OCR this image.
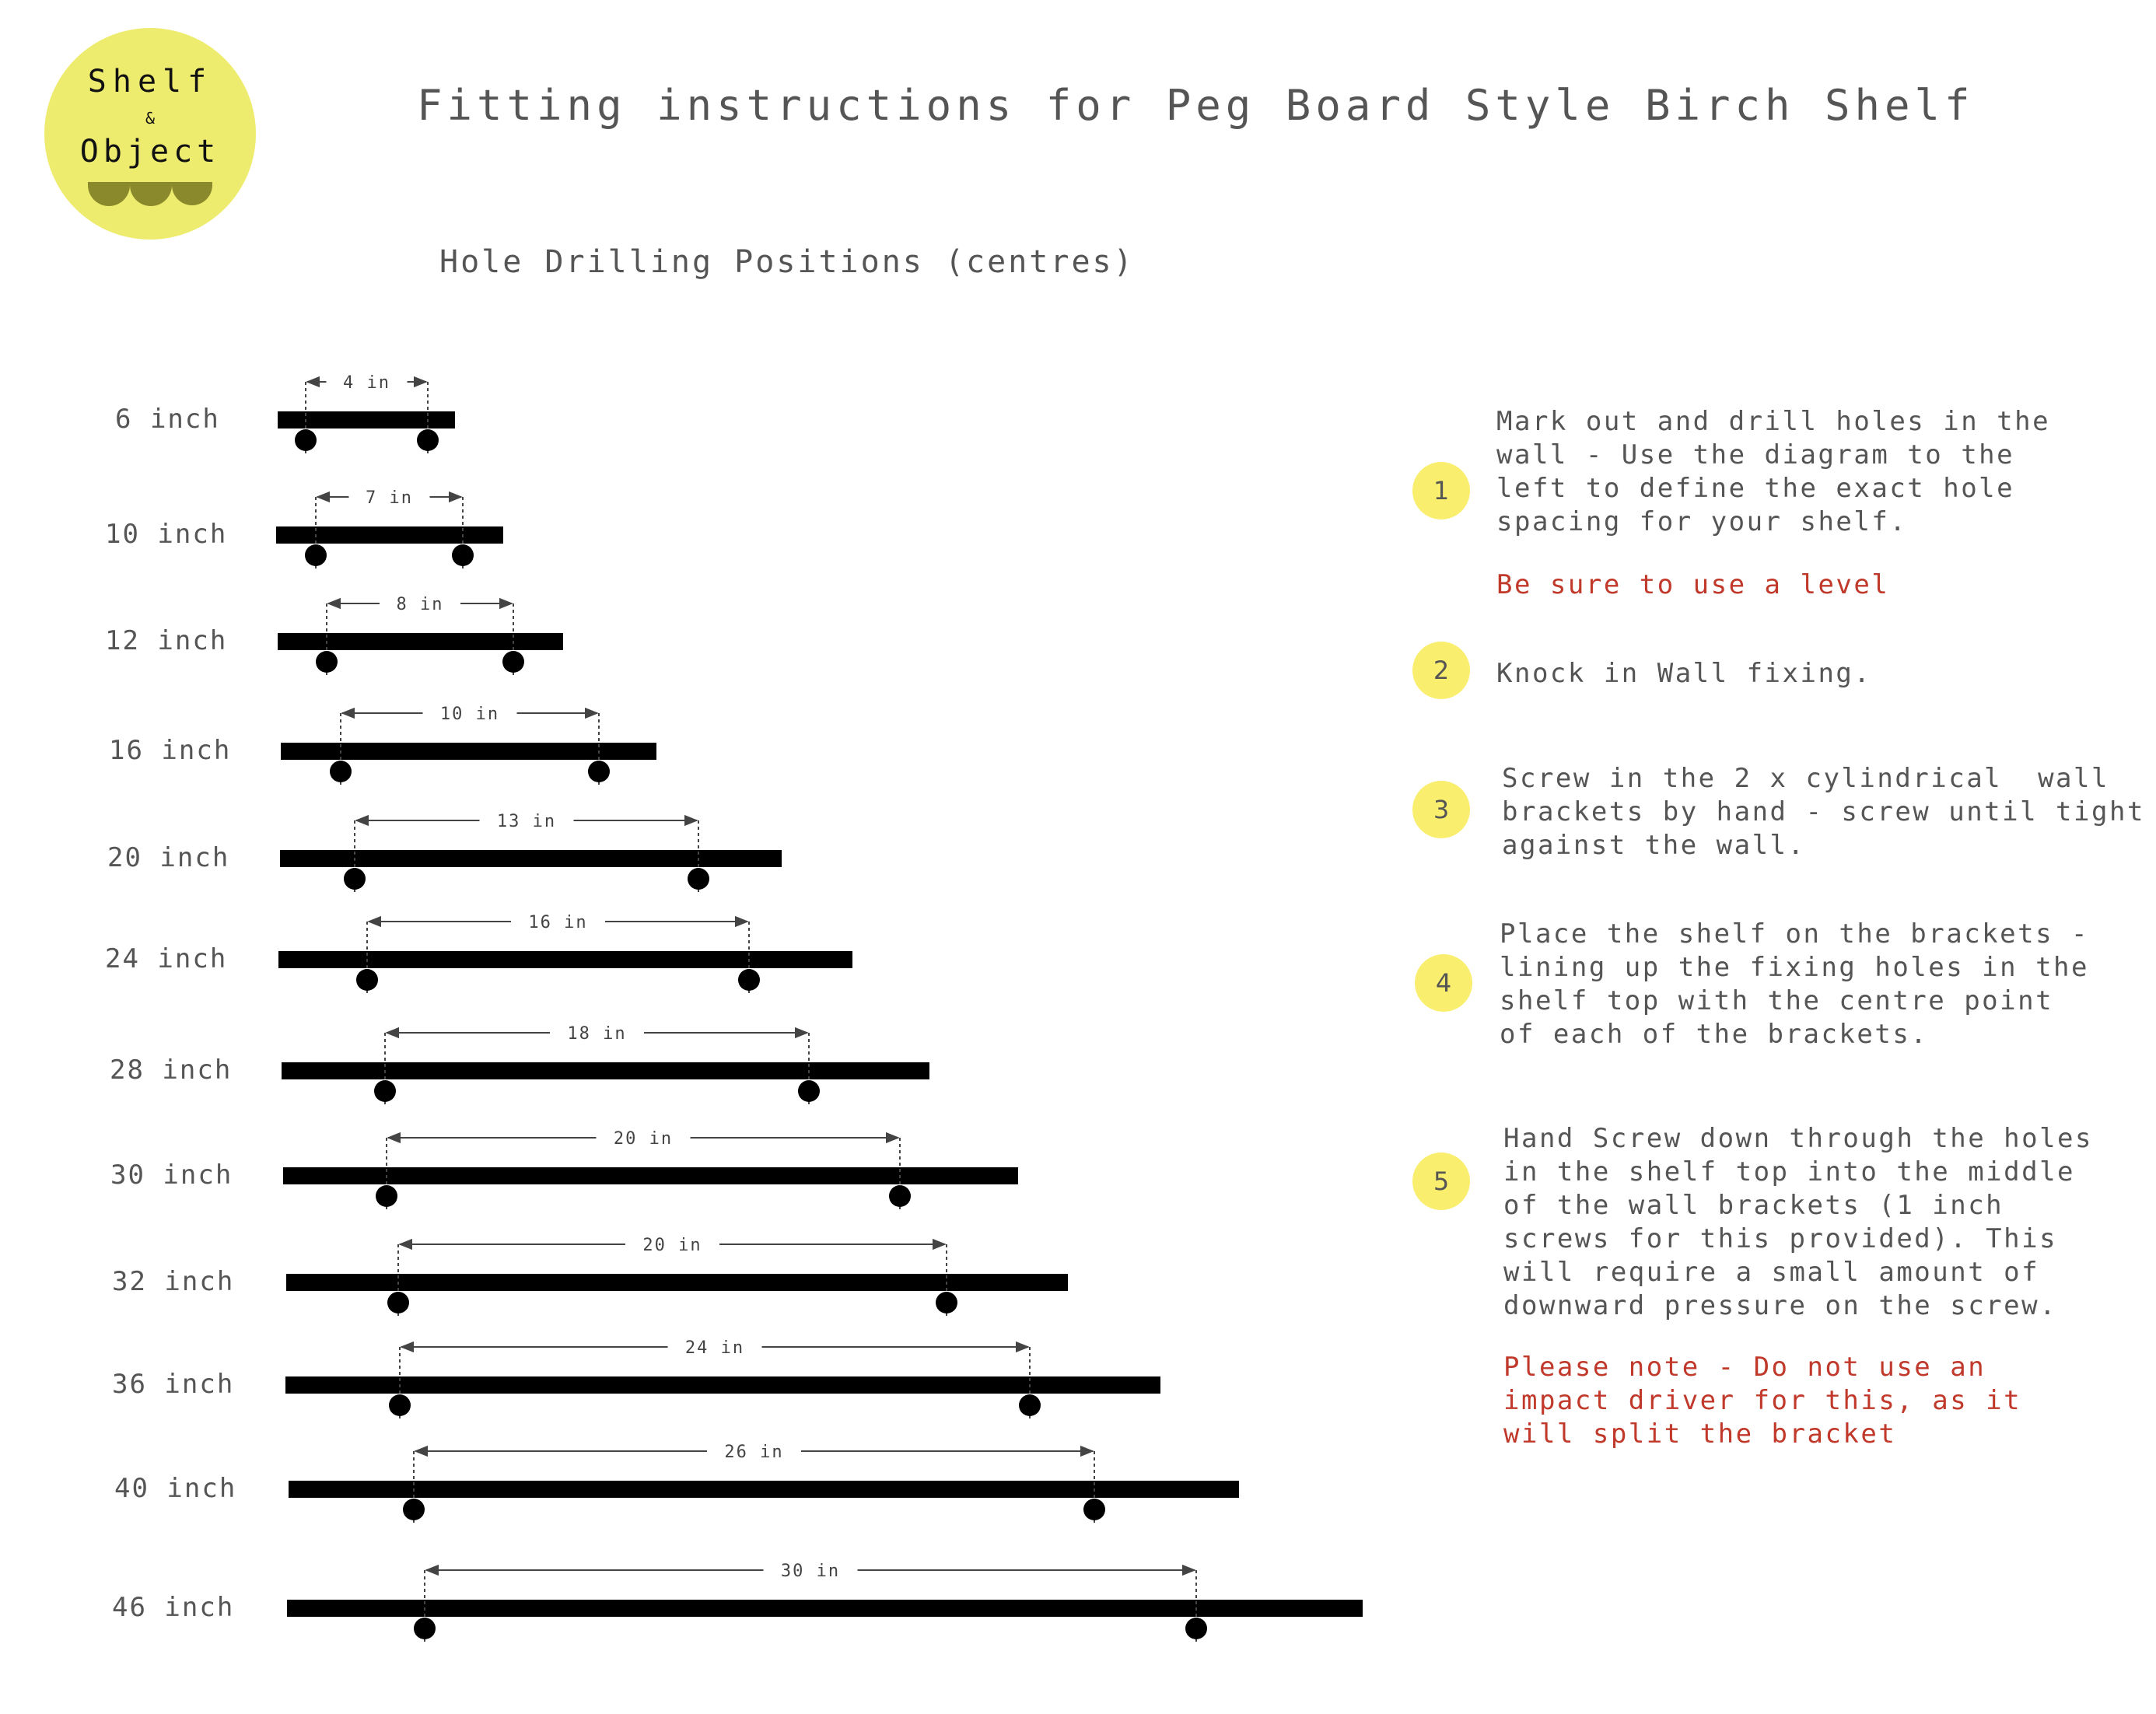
Shelf
&
Object
Fitting instructions for Peg Board Style Birch Shelf
Hole Drilling Positions (centres)
6 inch
4 in
10 inch
7 in
12 inch
8 in
16 inch
10 in
20 inch
13 in
24 inch
16 in
28 inch
18 in
30 inch
20 in
32 inch
20 in
36 inch
24 in
40 inch
26 in
46 inch
30 in
1
Mark out and drill holes in the
wall - Use the diagram to the
left to define the exact hole
spacing for your shelf.
Be sure to use a level
2	Knock in Wall fixing.
3
Screw in the 2 x cylindrical  wall
brackets by hand - screw until tight
against the wall.
4
Place the shelf on the brackets -
lining up the fixing holes in the
shelf top with the centre point
of each of the brackets.
5
Hand Screw down through the holes
in the shelf top into the middle
of the wall brackets (1 inch
screws for this provided). This
will require a small amount of
downward pressure on the screw.
Please note - Do not use an
impact driver for this, as it
will split the bracket
